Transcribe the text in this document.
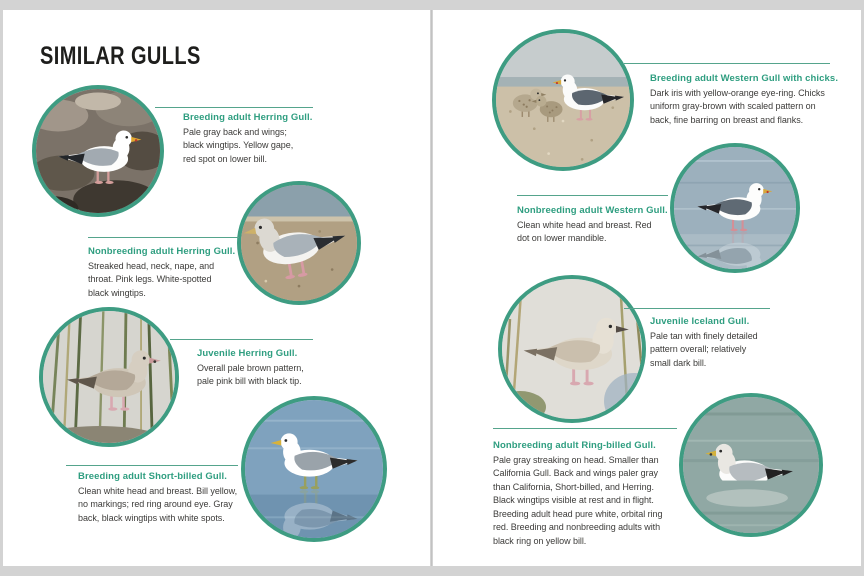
SIMILAR GULLS
Breeding adult Herring Gull.
Pale gray back and wings; black wingtips. Yellow gape, red spot on lower bill.
Nonbreeding adult Herring Gull.
Streaked head, neck, nape, and throat. Pink legs. White-spotted black wingtips.
Juvenile Herring Gull.
Overall pale brown pattern, pale pink bill with black tip.
Breeding adult Short-billed Gull.
Clean white head and breast. Bill yellow, no markings; red ring around eye. Gray back, black wingtips with white spots.
Breeding adult Western Gull with chicks.
Dark iris with yellow-orange eye-ring. Chicks uniform gray-brown with scaled pattern on back, fine barring on breast and flanks.
Nonbreeding adult Western Gull.
Clean white head and breast. Red dot on lower mandible.
Juvenile Iceland Gull.
Pale tan with finely detailed pattern overall; relatively small dark bill.
Nonbreeding adult Ring-billed Gull.
Pale gray streaking on head. Smaller than California Gull. Back and wings paler gray than California, Short-billed, and Herring. Black wingtips visible at rest and in flight. Breeding adult head pure white, orbital ring red. Breeding and nonbreeding adults with black ring on yellow bill.
